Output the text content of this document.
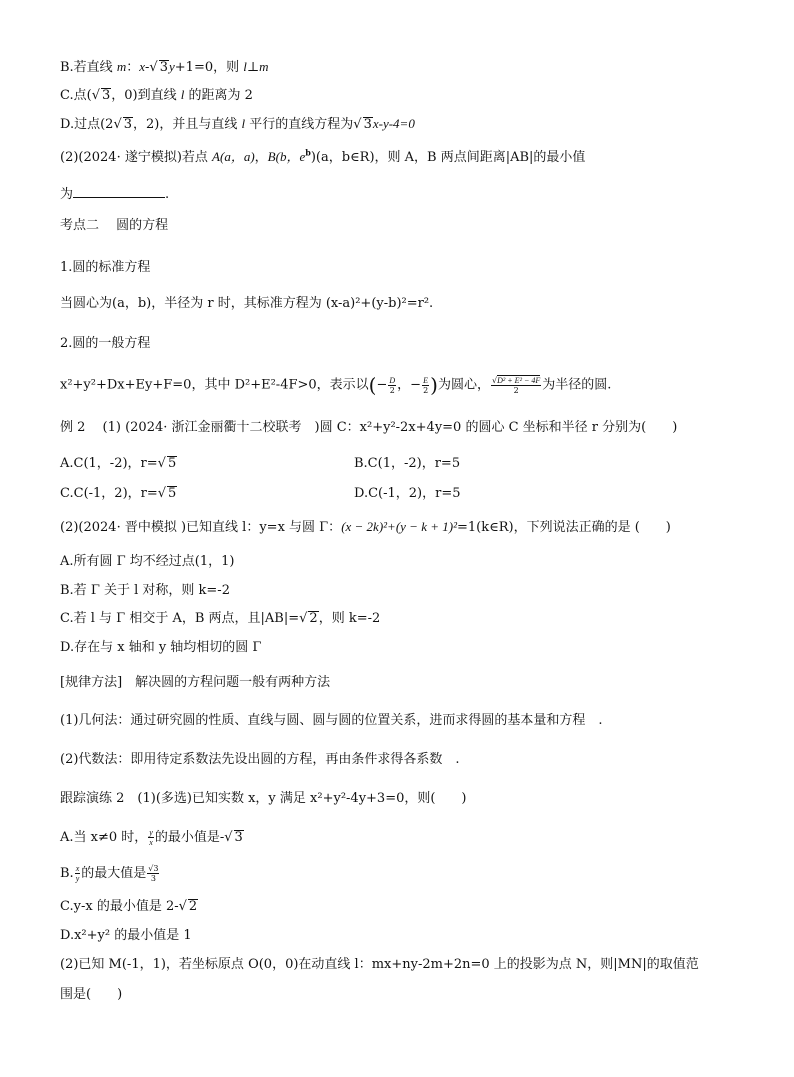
B.若直线 m：x-√ 3y+1=0，则 l⊥m
C.点(√ 3，0)到直线 l 的距离为 2
D.过点(2√ 3，2)，并且与直线 l 平行的直线方程为√ 3x-y-4=0
(2)(2024· 遂宁模拟)若点 A(a，a)，B(b，$e^b)(a$，b∈R)，则 A，B 两点间距离|AB|的最小值
为	.
考点二　 圆的方程
1.圆的标准方程
当圆心为(a，b)，半径为 r 时，其标准方程为 (x-a)²+(y-b)²=r².
2.圆的一般方程
x²+y²+Dx+Ey+F=0，其中 D²+E²-4F>0，表示以(− $\frac{D}{2}$ ，− $\frac{E}{2}$ )为圆心， $\frac{\text{√D² + E² − 4F}}{2}$ 为半径的圆.
例 2　 (1) (2024· 浙江金丽衢十二校联考　)圆 C：x²+y²-2x+4y=0 的圆心 C 坐标和半径 r 分别为(　　)
A.C(1，-2)，r=√ 5	B.C(1，-2)，r=5
C.C(-1，2)，r=√ 5	D.C(-1，2)，r=5
(2)(2024· 晋中模拟 )已知直线 l：y=x 与圆 Γ：(x − 2k)²+(y − k + 1)²=1(k∈R)，下列说法正确的是 (　　)
A.所有圆 Γ 均不经过点(1，1)
B.若 Γ 关于 l 对称，则 k=-2
C.若 l 与 Γ 相交于 A，B 两点，且|AB|=√ 2，则 k=-2
D.存在与 x 轴和 y 轴均相切的圆 Γ
[规律方法]　解决圆的方程问题一般有两种方法
(1)几何法：通过研究圆的性质、直线与圆、圆与圆的位置关系，进而求得圆的基本量和方程　.
(2)代数法：即用待定系数法先设出圆的方程，再由条件求得各系数　.
跟踪演练 2　(1)(多选)已知实数 x，y 满足 x²+y²-4y+3=0，则(　　)
A.当 x≠0 时， $\frac{y}{x}$ 的最小值是-√ 3
B. $\frac{x}{y}$ 的最大值是 $\frac{√3}{3}$
C.y-x 的最小值是 2-√ 2
D.x²+y² 的最小值是 1
(2)已知 M(-1，1)，若坐标原点 O(0，0)在动直线 l：mx+ny-2m+2n=0 上的投影为点 N，则|MN|的取值范
围是(　　)
